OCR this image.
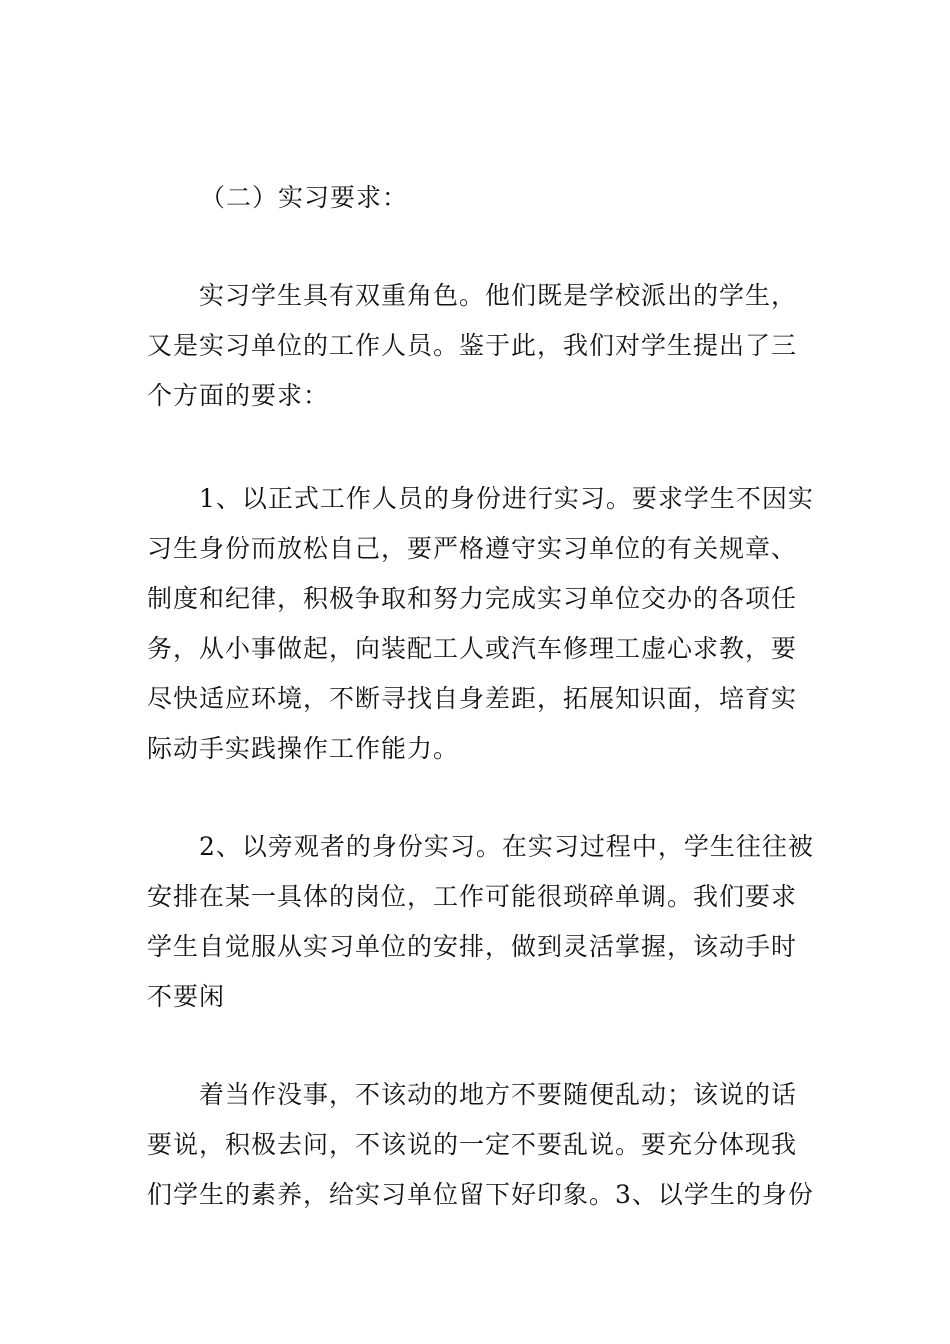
（二）实习要求：
实习学生具有双重角色。他们既是学校派出的学生，
又是实习单位的工作人员。鉴于此，我们对学生提出了三
个方面的要求：
1、以正式工作人员的身份进行实习。要求学生不因实
习生身份而放松自己，要严格遵守实习单位的有关规章、
制度和纪律，积极争取和努力完成实习单位交办的各项任
务，从小事做起，向装配工人或汽车修理工虚心求教，要
尽快适应环境，不断寻找自身差距，拓展知识面，培育实
际动手实践操作工作能力。
2、以旁观者的身份实习。在实习过程中，学生往往被
安排在某一具体的岗位，工作可能很琐碎单调。我们要求
学生自觉服从实习单位的安排，做到灵活掌握，该动手时
不要闲
着当作没事，不该动的地方不要随便乱动；该说的话
要说，积极去问，不该说的一定不要乱说。要充分体现我
们学生的素养，给实习单位留下好印象。3、以学生的身份
